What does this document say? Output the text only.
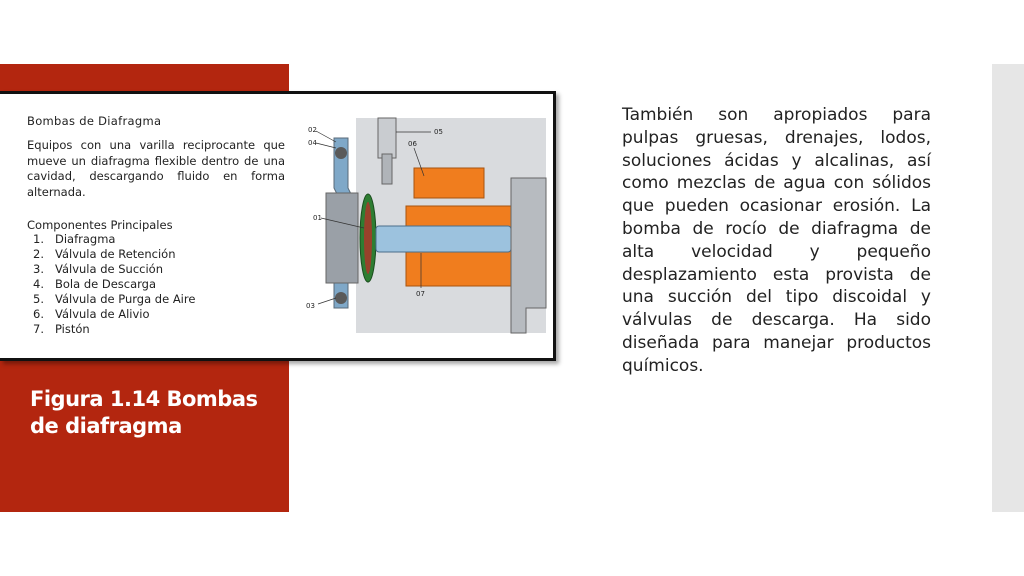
Bombas de Diafragma
Equipos con una varilla reciprocante que mueve un diafragma flexible dentro de una cavidad, descargando fluido en forma alternada.
Componentes Principales
1. Diafragma
2. Válvula de Retención
3. Válvula de Succión
4. Bola de Descarga
5. Válvula de Purga de Aire
6. Válvula de Alivio
7. Pistón
02
04
01
03
05
06
07
Figura 1.14 Bombas de diafragma
También son apropiados para pulpas gruesas, drenajes, lodos, soluciones ácidas y alcalinas, así como mezclas de agua con sólidos que pueden ocasionar erosión. La bomba de rocío de diafragma de alta velocidad y pequeño desplazamiento esta provista de una succión del tipo discoidal y válvulas de descarga. Ha sido diseñada para manejar productos químicos.
